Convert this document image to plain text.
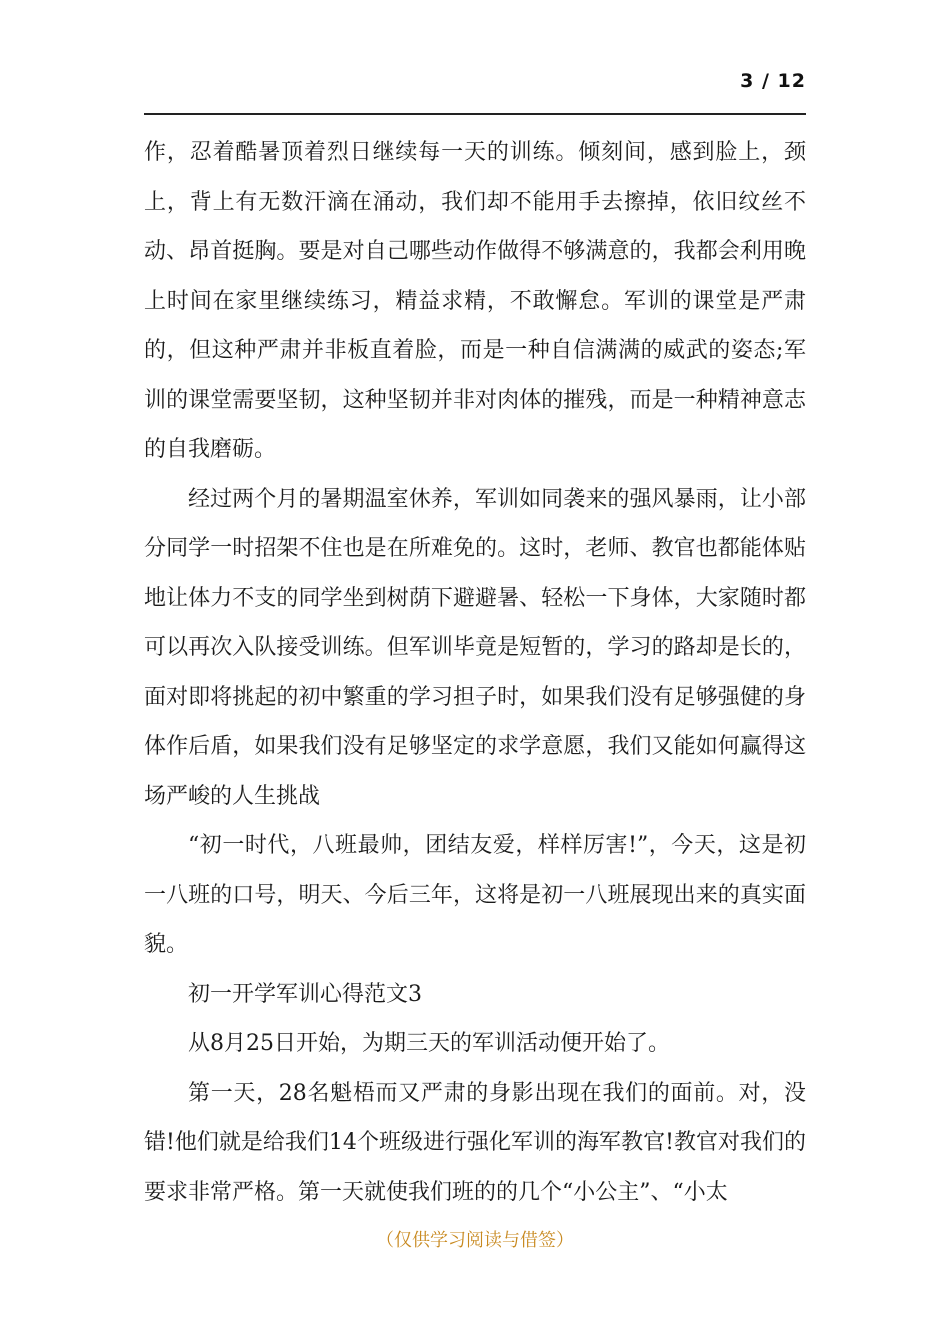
3 / 12

作，忍着酷暑顶着烈日继续每一天的训练。倾刻间，感到脸上，颈上，背上有无数汗滴在涌动，我们却不能用手去擦掉，依旧纹丝不动、昂首挺胸。要是对自己哪些动作做得不够满意的，我都会利用晚上时间在家里继续练习，精益求精，不敢懈怠。军训的课堂是严肃的，但这种严肃并非板直着脸，而是一种自信满满的威武的姿态;军训的课堂需要坚韧，这种坚韧并非对肉体的摧残，而是一种精神意志的自我磨砺。

经过两个月的暑期温室休养，军训如同袭来的强风暴雨，让小部分同学一时招架不住也是在所难免的。这时，老师、教官也都能体贴地让体力不支的同学坐到树荫下避避暑、轻松一下身体，大家随时都可以再次入队接受训练。但军训毕竟是短暂的，学习的路却是长的，面对即将挑起的初中繁重的学习担子时，如果我们没有足够强健的身体作后盾，如果我们没有足够坚定的求学意愿，我们又能如何赢得这场严峻的人生挑战

“初一时代，八班最帅，团结友爱，样样厉害!”，今天，这是初一八班的口号，明天、今后三年，这将是初一八班展现出来的真实面貌。

初一开学军训心得范文3

从8月25日开始，为期三天的军训活动便开始了。

第一天，28名魁梧而又严肃的身影出现在我们的面前。对，没错!他们就是给我们14个班级进行强化军训的海军教官!教官对我们的要求非常严格。第一天就使我们班的的几个“小公主”、“小太

（仅供学习阅读与借签）
